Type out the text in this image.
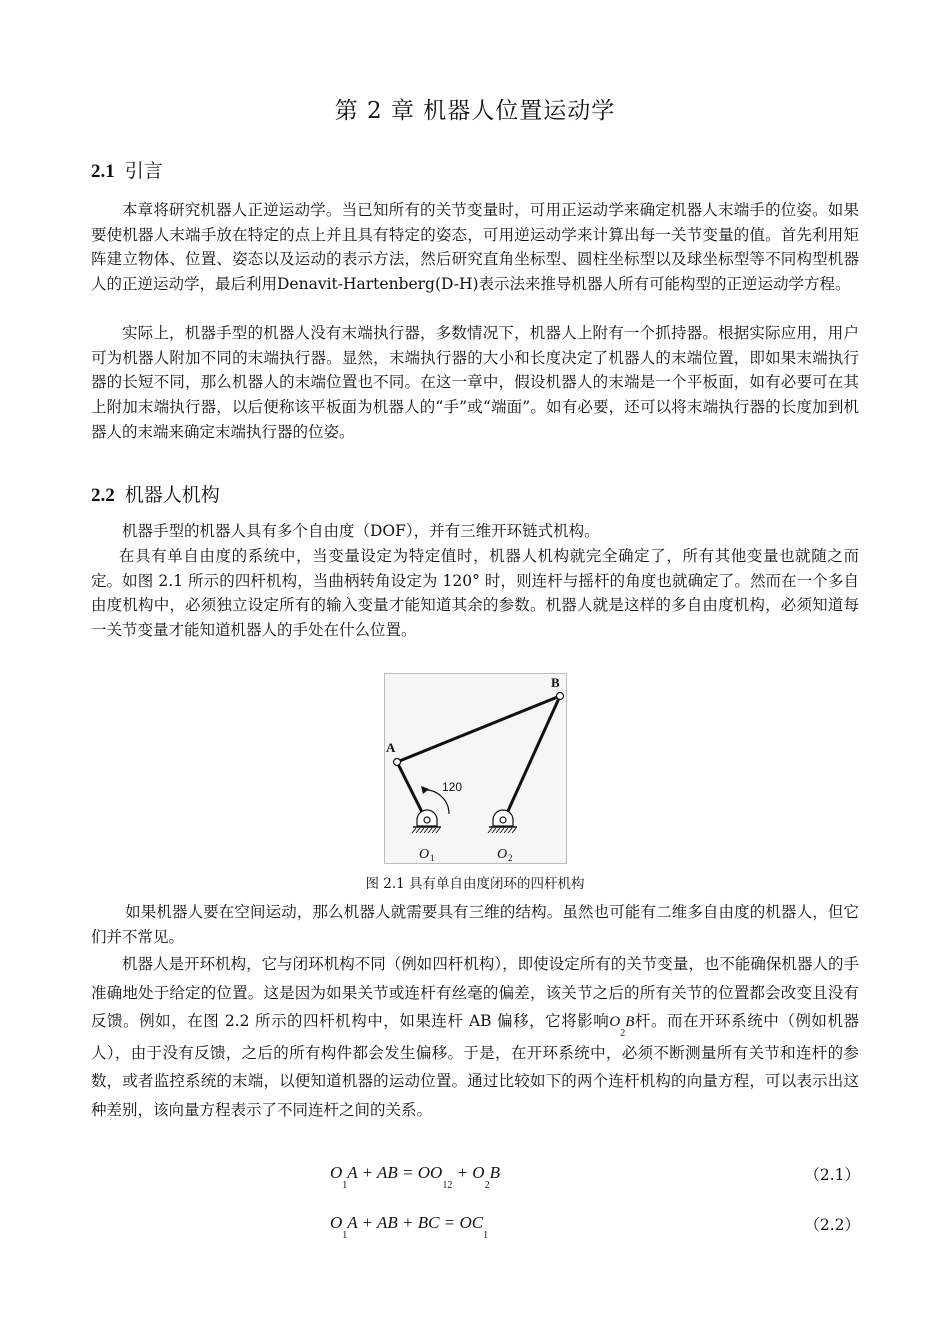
第 2 章 机器人位置运动学
2.1 引言
本章将研究机器人正逆运动学。当已知所有的关节变量时，可用正运动学来确定机器人末端手的位姿。如果要使机器人末端手放在特定的点上并且具有特定的姿态，可用逆运动学来计算出每一关节变量的值。首先利用矩阵建立物体、位置、姿态以及运动的表示方法，然后研究直角坐标型、圆柱坐标型以及球坐标型等不同构型机器人的正逆运动学，最后利用Denavit-Hartenberg(D-H)表示法来推导机器人所有可能构型的正逆运动学方程。
实际上，机器手型的机器人没有末端执行器，多数情况下，机器人上附有一个抓持器。根据实际应用，用户可为机器人附加不同的末端执行器。显然，末端执行器的大小和长度决定了机器人的末端位置，即如果末端执行器的长短不同，那么机器人的末端位置也不同。在这一章中，假设机器人的末端是一个平板面，如有必要可在其上附加末端执行器，以后便称该平板面为机器人的“手”或“端面”。如有必要，还可以将末端执行器的长度加到机器人的末端来确定末端执行器的位姿。
2.2 机器人机构
机器手型的机器人具有多个自由度（DOF），并有三维开环链式机构。
在具有单自由度的系统中，当变量设定为特定值时，机器人机构就完全确定了，所有其他变量也就随之而定。如图 2.1 所示的四杆机构，当曲柄转角设定为 120° 时，则连杆与摇杆的角度也就确定了。然而在一个多自由度机构中，必须独立设定所有的输入变量才能知道其余的参数。机器人就是这样的多自由度机构，必须知道每一关节变量才能知道机器人的手处在什么位置。
120
A
B
O 1	O 2
图 2.1 具有单自由度闭环的四杆机构
如果机器人要在空间运动，那么机器人就需要具有三维的结构。虽然也可能有二维多自由度的机器人，但它们并不常见。
机器人是开环机构，它与闭环机构不同（例如四杆机构），即使设定所有的关节变量，也不能确保机器人的手准确地处于给定的位置。这是因为如果关节或连杆有丝毫的偏差，该关节之后的所有关节的位置都会改变且没有反馈。例如，在图 2.2 所示的四杆机构中，如果连杆 AB 偏移，它将影响$O_2B$杆。而在开环系统中（例如机器人），由于没有反馈，之后的所有构件都会发生偏移。于是，在开环系统中，必须不断测量所有关节和连杆的参数，或者监控系统的末端，以便知道机器的运动位置。通过比较如下的两个连杆机构的向量方程，可以表示出这种差别，该向量方程表示了不同连杆之间的关系。
$O_1A$ + AB = $OO_{12} + O_2B$	（2.1）
$O_1A$ + AB + BC = $OC_1$
（2.2）
